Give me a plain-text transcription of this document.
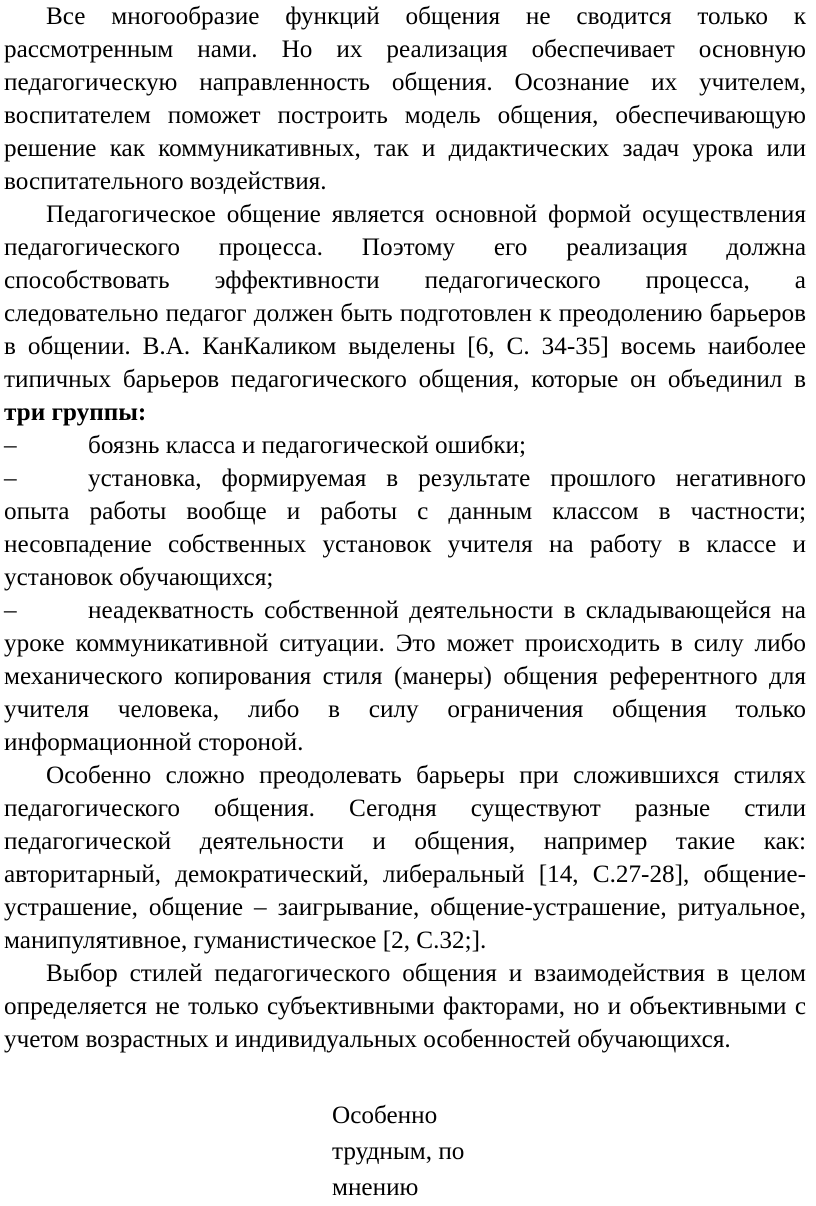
Все многообразие функций общения не сводится только к рассмотренным нами. Но их реализация обеспечивает основную педагогическую направленность общения. Осознание их учителем, воспитателем поможет построить модель общения, обеспечивающую решение как коммуникативных, так и дидактических задач урока или воспитательного воздействия.

Педагогическое общение является основной формой осуществления педагогического процесса. Поэтому его реализация должна способствовать эффективности педагогического процесса, а следовательно педагог должен быть подготовлен к преодолению барьеров в общении. В.А. КанКаликом выделены [6, С. 34-35] восемь наиболее типичных барьеров педагогического общения, которые он объединил в три группы:

–	боязнь класса и педагогической ошибки;

–	установка, формируемая в результате прошлого негативного опыта работы вообще и работы с данным классом в частности; несовпадение собственных установок учителя на работу в классе и установок обучающихся;

–	неадекватность собственной деятельности в складывающейся на уроке коммуникативной ситуации. Это может происходить в силу либо механического копирования стиля (манеры) общения референтного для учителя человека, либо в силу ограничения общения только информационной стороной.

Особенно сложно преодолевать барьеры при сложившихся стилях педагогического общения. Сегодня существуют разные стили педагогической деятельности и общения, например такие как: авторитарный, демократический, либеральный [14, С.27-28], общение-устрашение, общение – заигрывание, общение-устрашение, ритуальное, манипулятивное, гуманистическое [2, С.32;].

Выбор стилей педагогического общения и взаимодействия в целом определяется не только субъективными факторами, но и объективными с учетом возрастных и индивидуальных особенностей обучающихся.

Особенно
трудным, по
мнению
